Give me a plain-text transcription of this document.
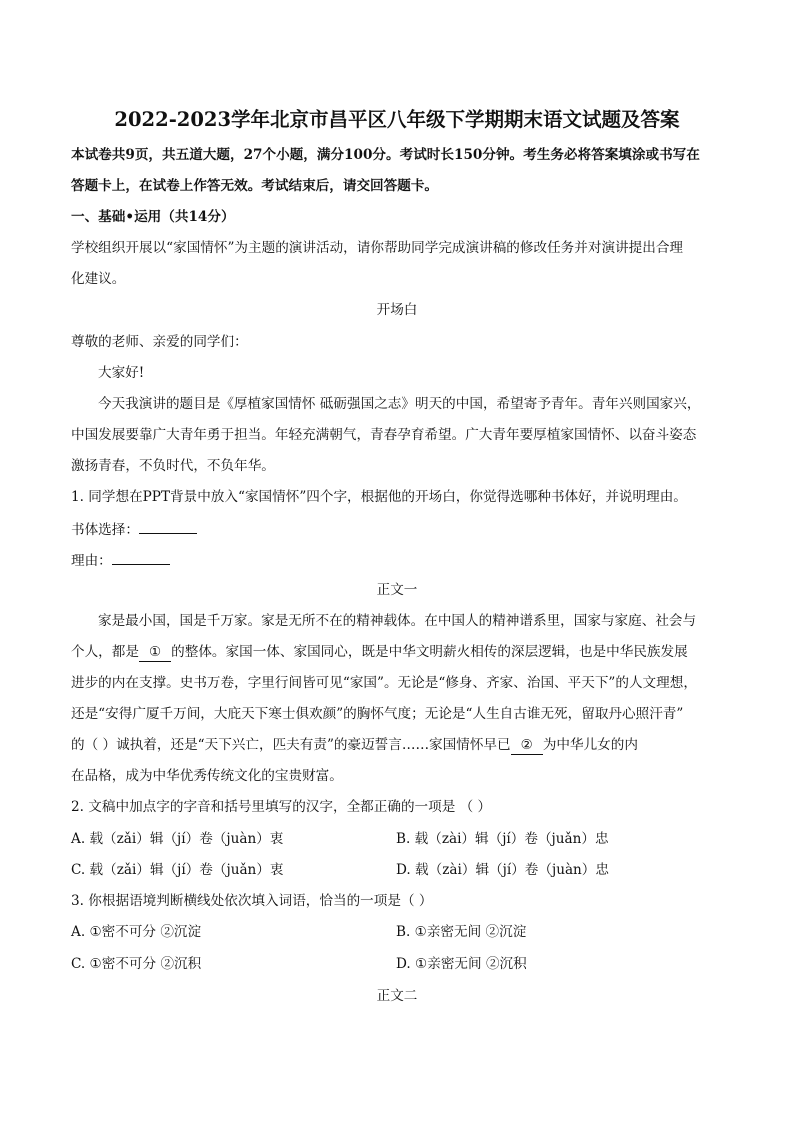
2022-2023学年北京市昌平区八年级下学期期末语文试题及答案
本试卷共9页，共五道大题，27个小题，满分100分。考试时长150分钟。考生务必将答案填涂或书写在
答题卡上，在试卷上作答无效。考试结束后，请交回答题卡。
一、基础•运用（共14分）
学校组织开展以“家国情怀”为主题的演讲活动，请你帮助同学完成演讲稿的修改任务并对演讲提出合理
化建议。
开场白
尊敬的老师、亲爱的同学们：
大家好!
今天我演讲的题目是《厚植家国情怀 砥砺强国之志》明天的中国，希望寄予青年。青年兴则国家兴，
中国发展要靠广大青年勇于担当。年轻充满朝气，青春孕育希望。广大青年要厚植家国情怀、以奋斗姿态
激扬青春，不负时代，不负年华。
1. 同学想在PPT背景中放入“家国情怀”四个字，根据他的开场白，你觉得选哪种书体好，并说明理由。
书体选择：
理由：
正文一
家是最小国，国是千万家。家是无所不在的精神载体。在中国人的精神谱系里，国家与家庭、社会与
个人，都是 ① 的整体。家国一体、家国同心，既是中华文明薪火相传的深层逻辑，也是中华民族发展
进步的内在支撑。史书万卷，字里行间皆可见“家国”。无论是“修身、齐家、治国、平天下”的人文理想，
还是“安得广厦千万间，大庇天下寒士俱欢颜”的胸怀气度；无论是“人生自古谁无死，留取丹心照汗青”
的（ ）诚执着，还是“天下兴亡，匹夫有责”的豪迈誓言……家国情怀早已 ② 为中华儿女的内
在品格，成为中华优秀传统文化的宝贵财富。
2. 文稿中加点字的字音和括号里填写的汉字，全都正确的一项是 （ ）
A. 载（zǎi）辑（jí）卷（juàn）衷	B. 载（zài）辑（jí）卷（juǎn）忠
C. 载（zǎi）辑（jí）卷（juǎn）衷	D. 载（zài）辑（jí）卷（juàn）忠
3. 你根据语境判断横线处依次填入词语，恰当的一项是（ ）
A. ①密不可分 ②沉淀	B. ①亲密无间 ②沉淀
C. ①密不可分 ②沉积	D. ①亲密无间 ②沉积
正文二
